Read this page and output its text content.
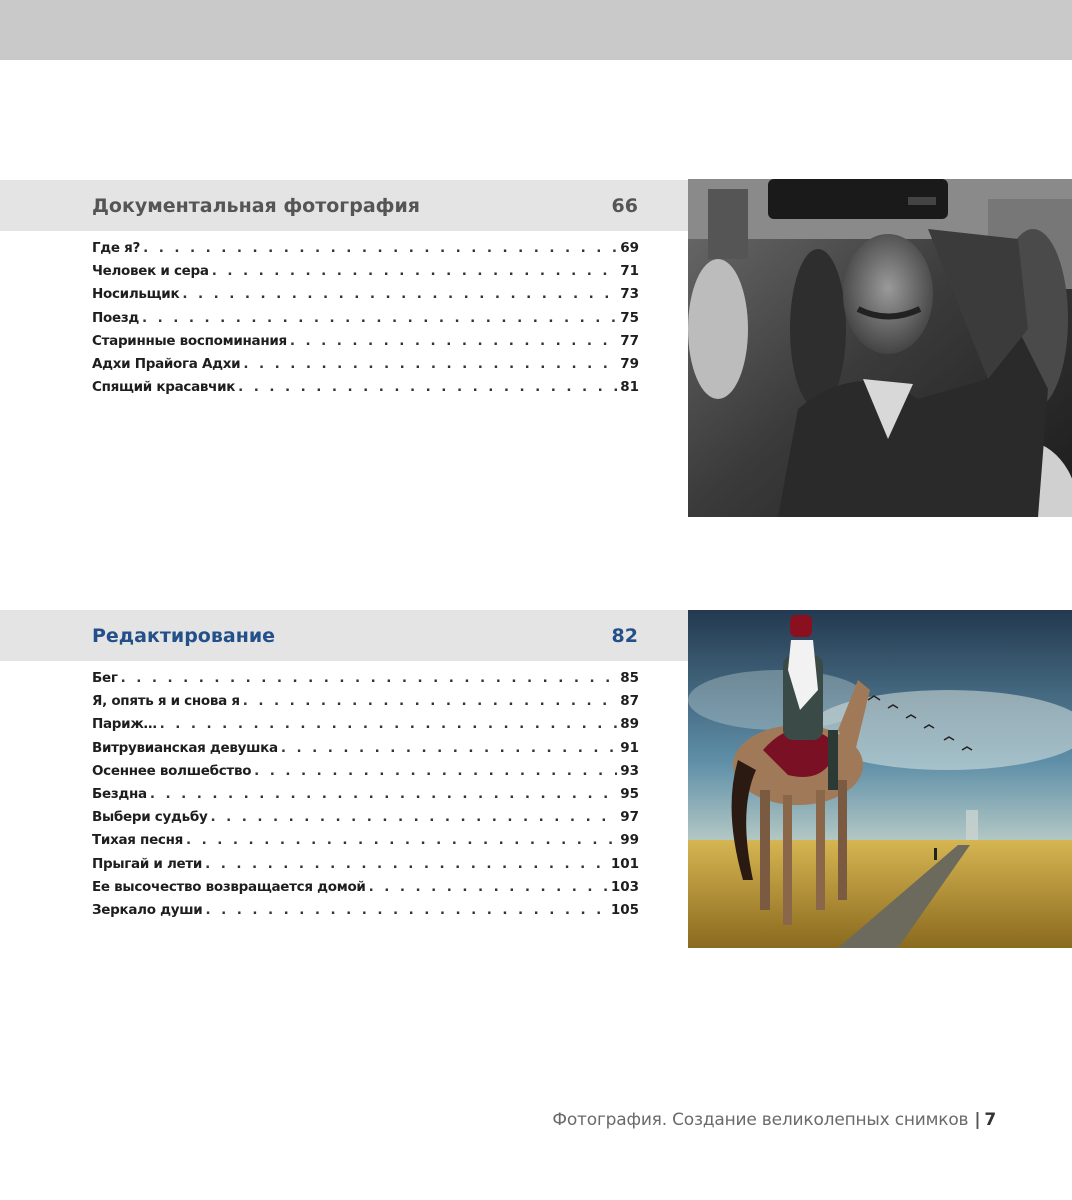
Документальная фотография	66
Где я? . . .	69
Человек и сера . . .	71
Носильщик . . .	73
Поезд . . .	75
Старинные воспоминания . . .	77
Адхи Прайога Адхи . . .	79
Спящий красавчик . . .	81
Редактирование	82
Бег . . .	85
Я, опять я и снова я . . .	87
Париж… . . .	89
Витрувианская девушка . . .	91
Осеннее волшебство . . .	93
Бездна . . .	95
Выбери судьбу . . .	97
Тихая песня . . .	99
Прыгай и лети . . .	101
Ее высочество возвращается домой . . .	103
Зеркало души . . .	105
Фотография. Создание великолепных снимков | 7
